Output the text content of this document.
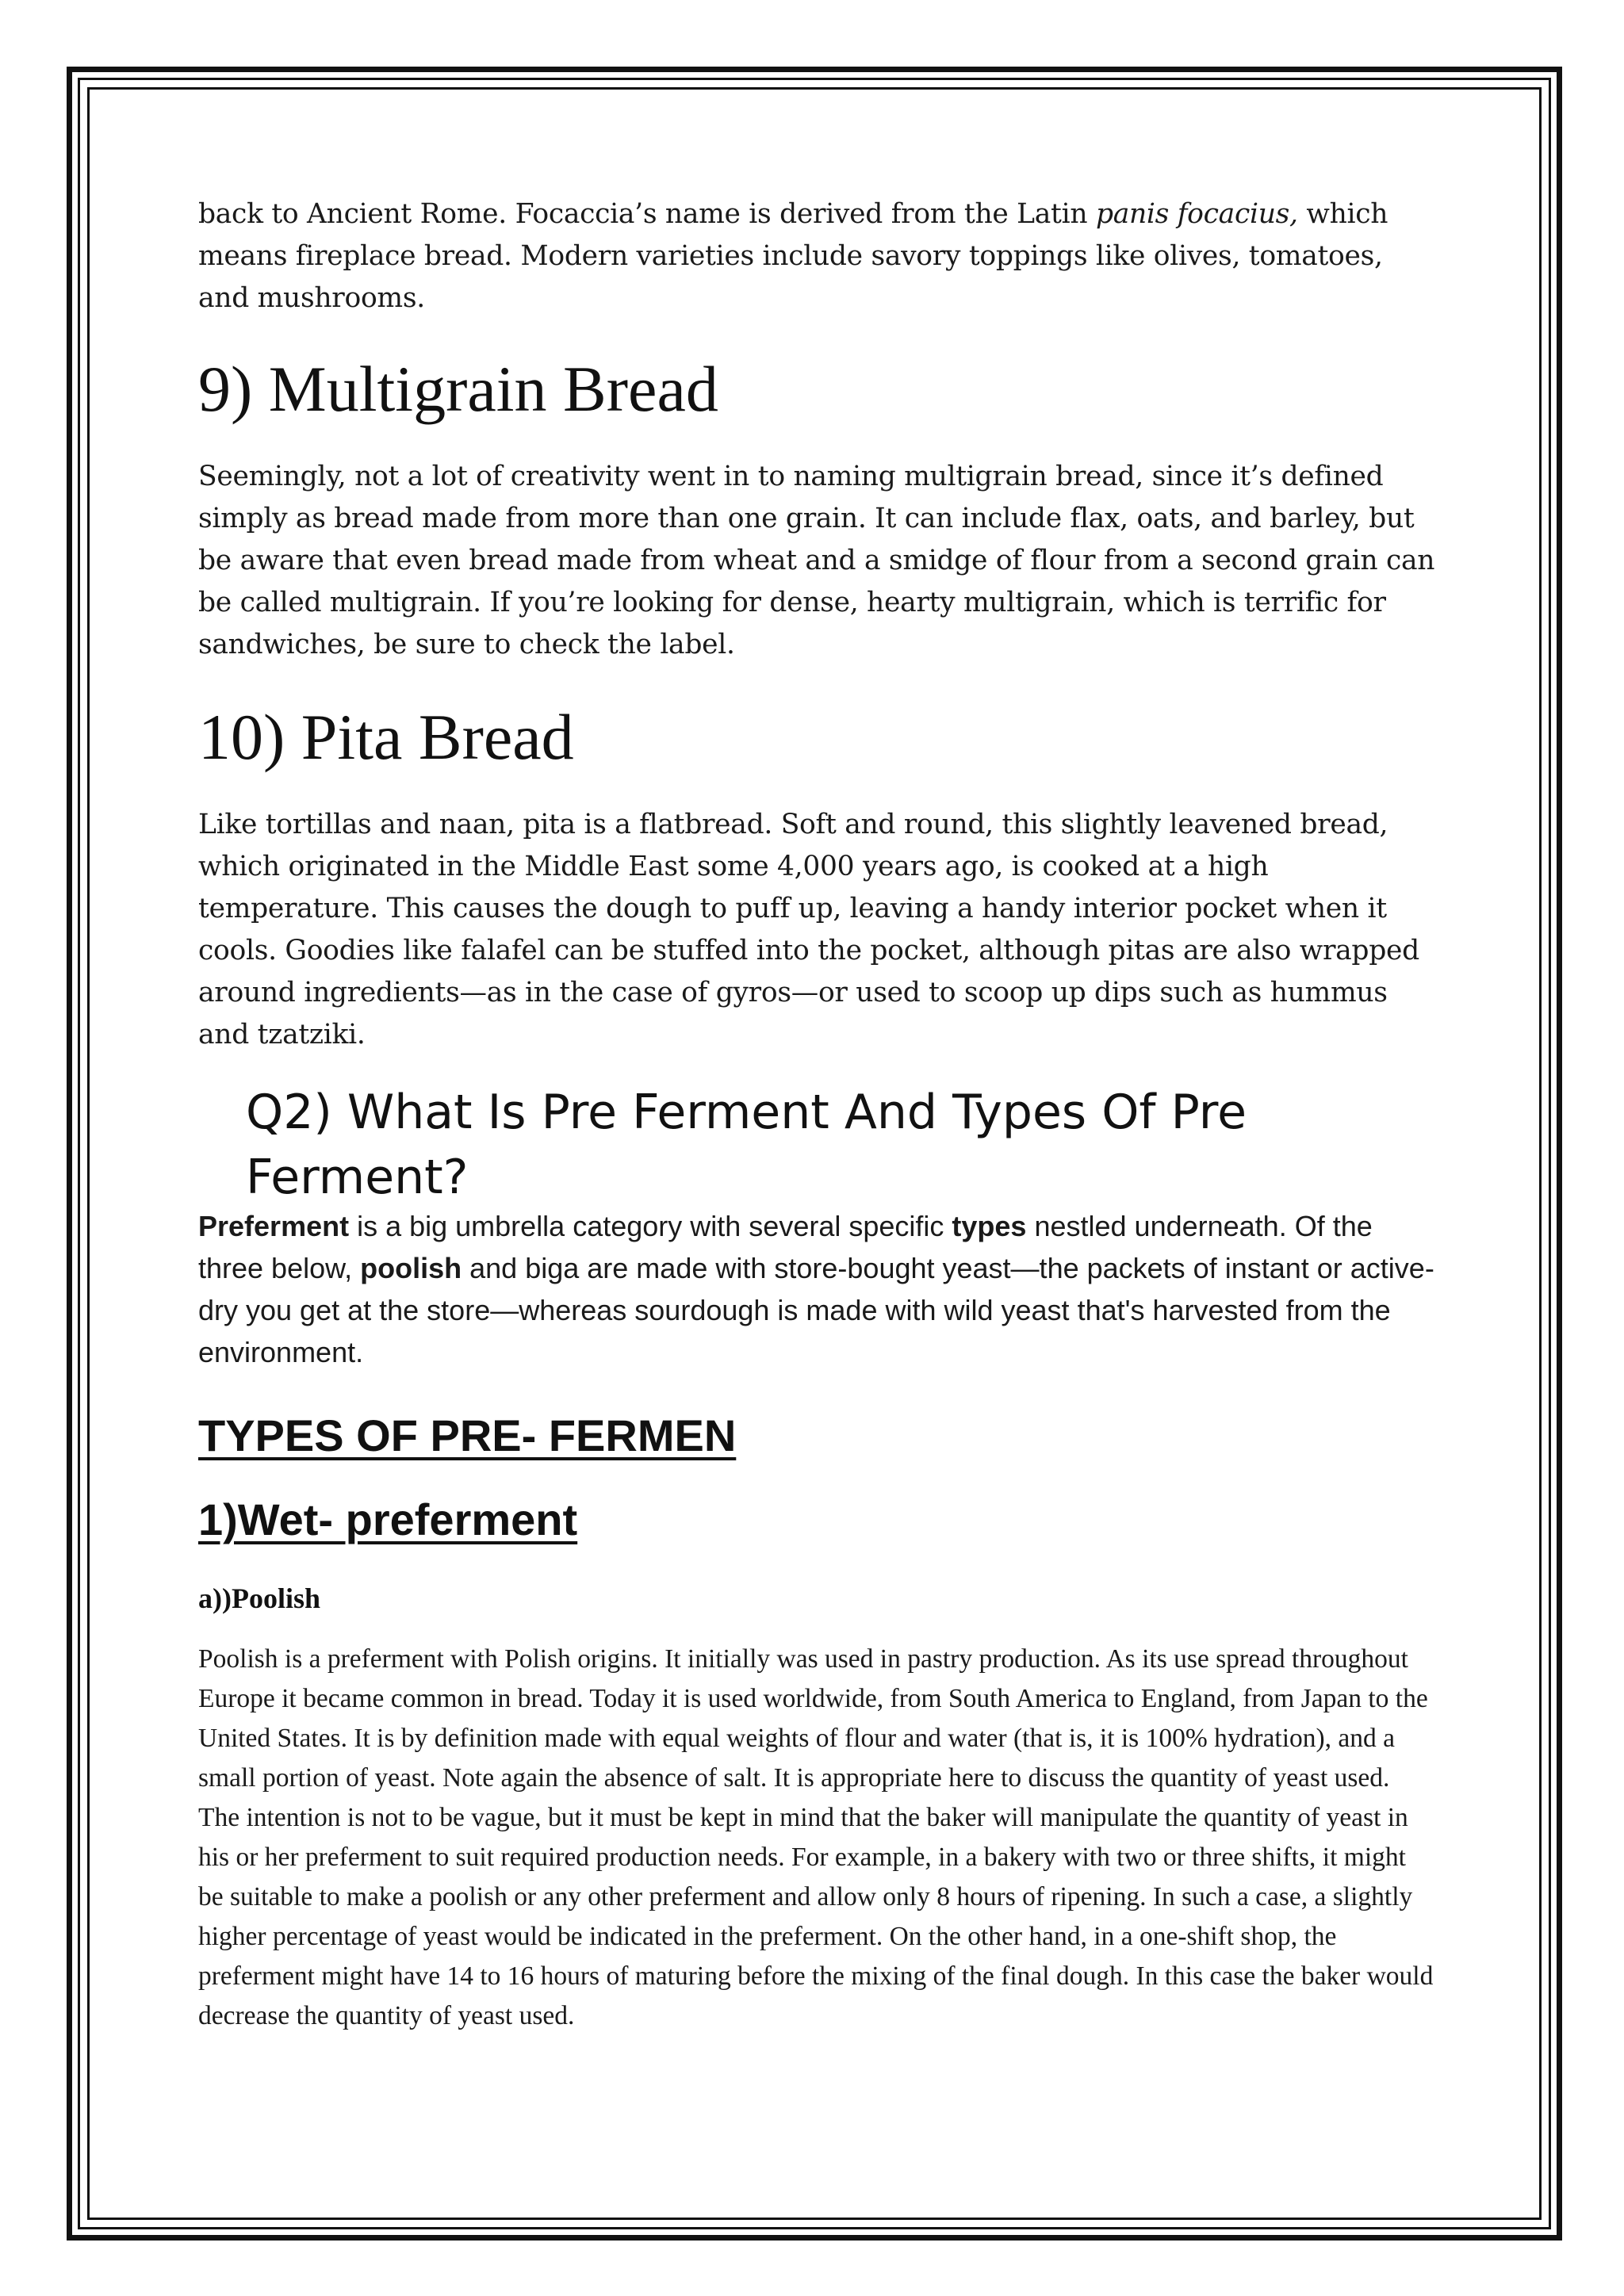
back to Ancient Rome. Focaccia’s name is derived from the Latin panis focacius, which means fireplace bread. Modern varieties include savory toppings like olives, tomatoes, and mushrooms.

9) Multigrain Bread

Seemingly, not a lot of creativity went in to naming multigrain bread, since it’s defined simply as bread made from more than one grain. It can include flax, oats, and barley, but be aware that even bread made from wheat and a smidge of flour from a second grain can be called multigrain. If you’re looking for dense, hearty multigrain, which is terrific for sandwiches, be sure to check the label.

10) Pita Bread

Like tortillas and naan, pita is a flatbread. Soft and round, this slightly leavened bread, which originated in the Middle East some 4,000 years ago, is cooked at a high temperature. This causes the dough to puff up, leaving a handy interior pocket when it cools. Goodies like falafel can be stuffed into the pocket, although pitas are also wrapped around ingredients—as in the case of gyros—or used to scoop up dips such as hummus and tzatziki.

Q2) What Is Pre Ferment And Types Of Pre Ferment?

Preferment is a big umbrella category with several specific types nestled underneath. Of the three below, poolish and biga are made with store-bought yeast—the packets of instant or active-dry you get at the store—whereas sourdough is made with wild yeast that's harvested from the environment.

TYPES OF PRE- FERMEN
1)Wet- preferment
a))Poolish

Poolish is a preferment with Polish origins. It initially was used in pastry production. As its use spread throughout Europe it became common in bread. Today it is used worldwide, from South America to England, from Japan to the United States. It is by definition made with equal weights of flour and water (that is, it is 100% hydration), and a small portion of yeast. Note again the absence of salt. It is appropriate here to discuss the quantity of yeast used. The intention is not to be vague, but it must be kept in mind that the baker will manipulate the quantity of yeast in his or her preferment to suit required production needs. For example, in a bakery with two or three shifts, it might be suitable to make a poolish or any other preferment and allow only 8 hours of ripening. In such a case, a slightly higher percentage of yeast would be indicated in the preferment. On the other hand, in a one-shift shop, the preferment might have 14 to 16 hours of maturing before the mixing of the final dough. In this case the baker would decrease the quantity of yeast used.
